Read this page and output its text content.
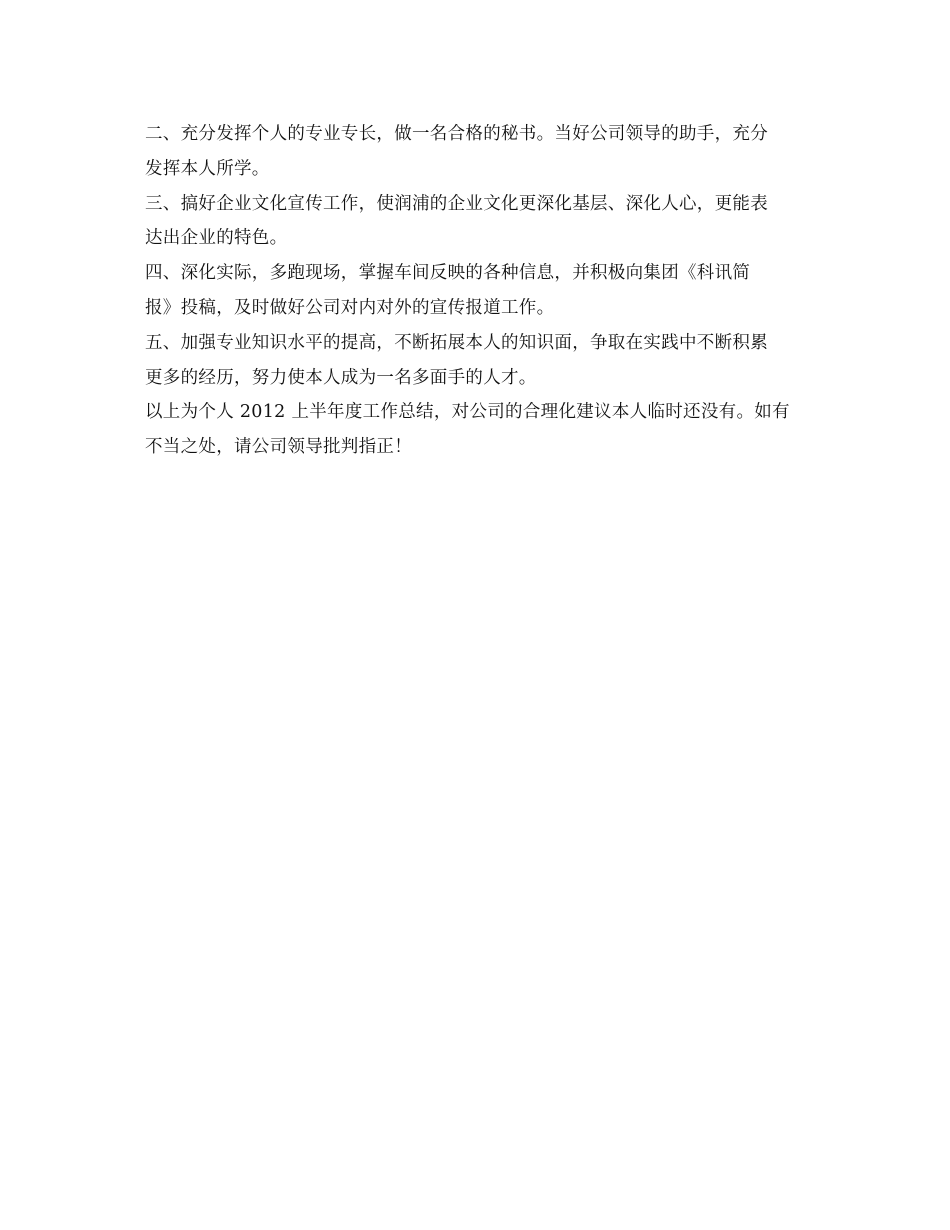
二、充分发挥个人的专业专长，做一名合格的秘书。当好公司领导的助手，充分
发挥本人所学。

三、搞好企业文化宣传工作，使润浦的企业文化更深化基层、深化人心，更能表
达出企业的特色。

四、深化实际，多跑现场，掌握车间反映的各种信息，并积极向集团《科讯简
报》投稿，及时做好公司对内对外的宣传报道工作。

五、加强专业知识水平的提高，不断拓展本人的知识面，争取在实践中不断积累
更多的经历，努力使本人成为一名多面手的人才。

以上为个人 2012 上半年度工作总结，对公司的合理化建议本人临时还没有。如有
不当之处，请公司领导批判指正！
